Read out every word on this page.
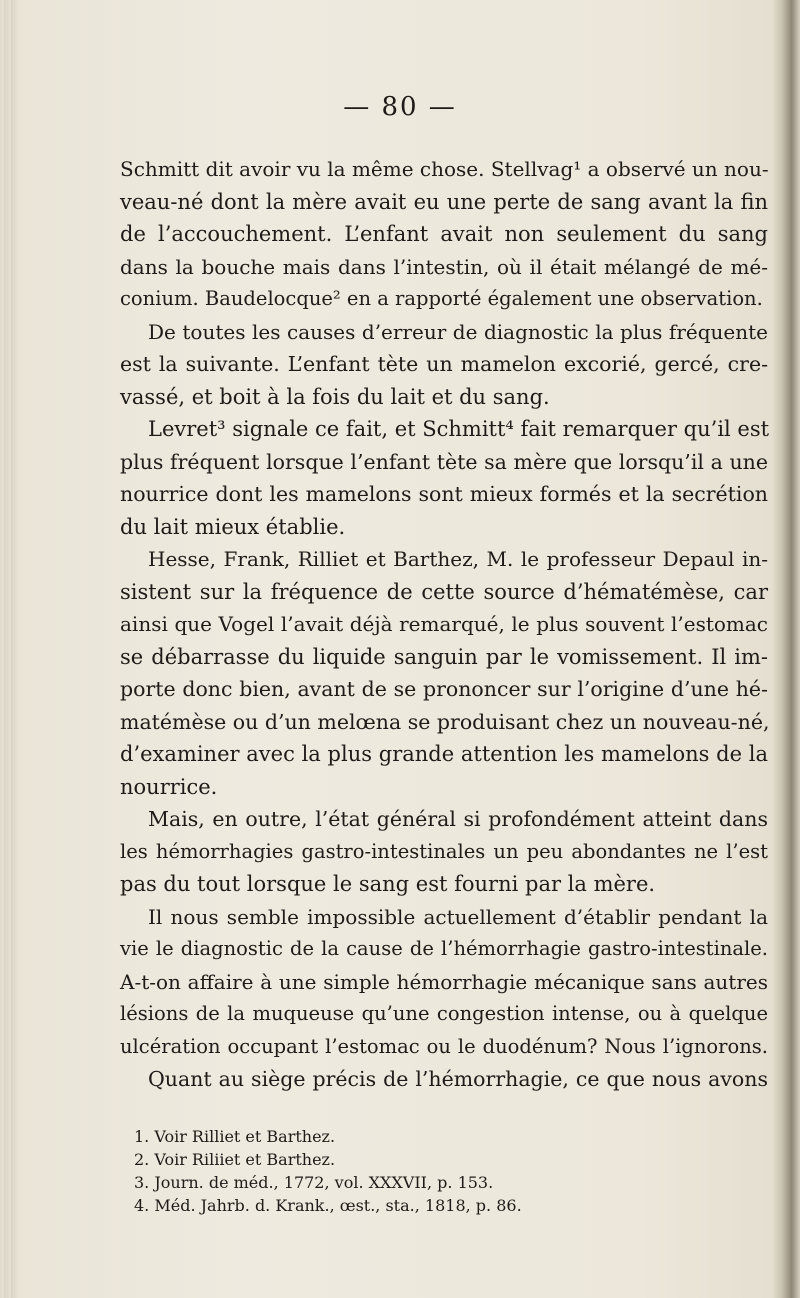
— 80 —
Schmitt dit avoir vu la même chose. Stellvag¹ a observé un nou-
veau-né dont la mère avait eu une perte de sang avant la fin
de l’accouchement. L’enfant avait non seulement du sang
dans la bouche mais dans l’intestin, où il était mélangé de mé-
conium. Baudelocque² en a rapporté également une observation.
De toutes les causes d’erreur de diagnostic la plus fréquente
est la suivante. L’enfant tète un mamelon excorié, gercé, cre-
vassé, et boit à la fois du lait et du sang.
Levret³ signale ce fait, et Schmitt⁴ fait remarquer qu’il est
plus fréquent lorsque l’enfant tète sa mère que lorsqu’il a une
nourrice dont les mamelons sont mieux formés et la secrétion
du lait mieux établie.
Hesse, Frank, Rilliet et Barthez, M. le professeur Depaul in-
sistent sur la fréquence de cette source d’hématémèse, car
ainsi que Vogel l’avait déjà remarqué, le plus souvent l’estomac
se débarrasse du liquide sanguin par le vomissement. Il im-
porte donc bien, avant de se prononcer sur l’origine d’une hé-
matémèse ou d’un melœna se produisant chez un nouveau-né,
d’examiner avec la plus grande attention les mamelons de la
nourrice.
Mais, en outre, l’état général si profondément atteint dans
les hémorrhagies gastro-intestinales un peu abondantes ne l’est
pas du tout lorsque le sang est fourni par la mère.
Il nous semble impossible actuellement d’établir pendant la
vie le diagnostic de la cause de l’hémorrhagie gastro-intestinale.
A-t-on affaire à une simple hémorrhagie mécanique sans autres
lésions de la muqueuse qu’une congestion intense, ou à quelque
ulcération occupant l’estomac ou le duodénum? Nous l’ignorons.
Quant au siège précis de l’hémorrhagie, ce que nous avons
1. Voir Rilliet et Barthez.
2. Voir Riliiet et Barthez.
3. Journ. de méd., 1772, vol. XXXVII, p. 153.
4. Méd. Jahrb. d. Krank., œst., sta., 1818, p. 86.
